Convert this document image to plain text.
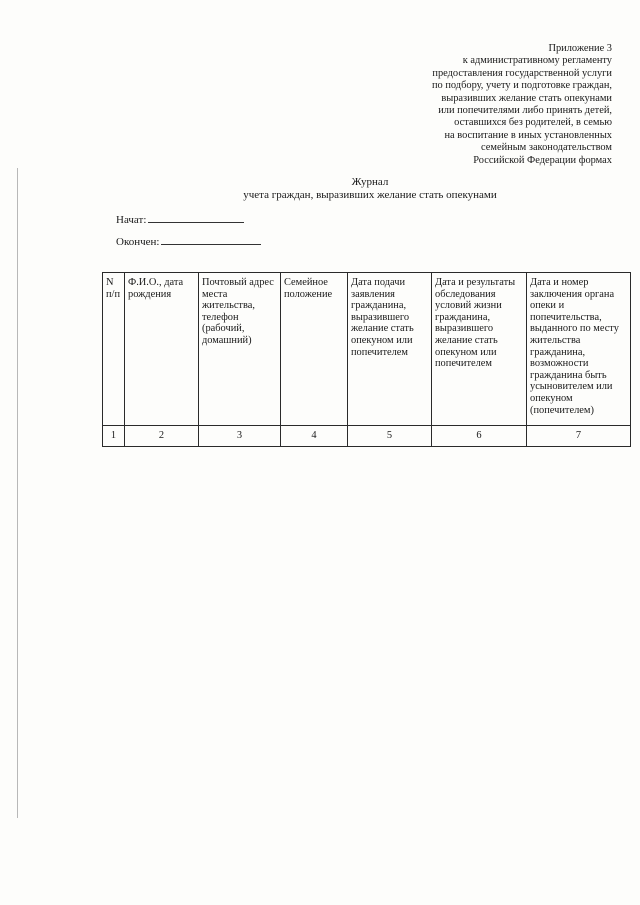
Приложение 3
к административному регламенту
предоставления государственной услуги
по подбору, учету и подготовке граждан,
выразивших желание стать опекунами
или попечителями либо принять детей,
оставшихся без родителей, в семью
на воспитание в иных установленных
семейным законодательством
Российской Федерации формах
Журнал
учета граждан, выразивших желание стать опекунами
Начат:
Окончен:
N п/п	Ф.И.О., дата рождения	Почтовый адрес места жительства, телефон (рабочий, домашний)	Семейное положение	Дата подачи заявления гражданина, выразившего желание стать опекуном или попечителем	Дата и результаты обследования условий жизни гражданина, выразившего желание стать опекуном или попечителем	Дата и номер заключения органа опеки и попечительства, выданного по месту жительства гражданина, возможности гражданина быть усыновителем или опекуном (попечителем)
1	2	3	4	5	6	7
